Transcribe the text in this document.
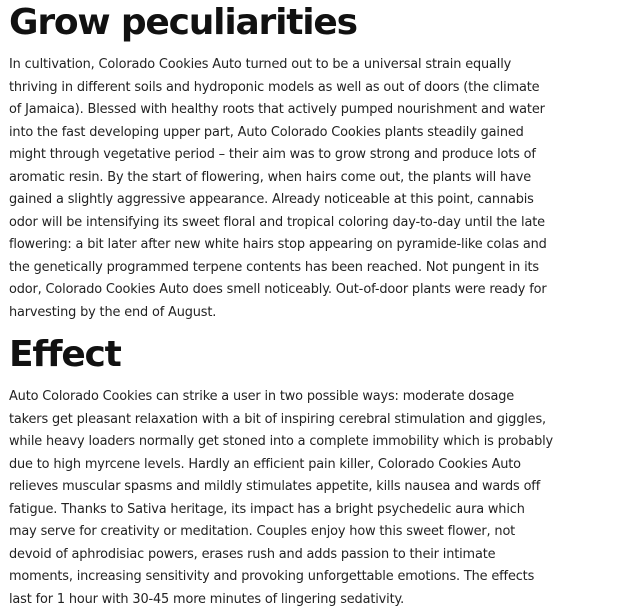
Grow peculiarities

In cultivation, Colorado Cookies Auto turned out to be a universal strain equally thriving in different soils and hydroponic models as well as out of doors (the climate of Jamaica). Blessed with healthy roots that actively pumped nourishment and water into the fast developing upper part, Auto Colorado Cookies plants steadily gained might through vegetative period – their aim was to grow strong and produce lots of aromatic resin. By the start of flowering, when hairs come out, the plants will have gained a slightly aggressive appearance. Already noticeable at this point, cannabis odor will be intensifying its sweet floral and tropical coloring day-to-day until the late flowering: a bit later after new white hairs stop appearing on pyramide-like colas and the genetically programmed terpene contents has been reached. Not pungent in its odor, Colorado Cookies Auto does smell noticeably. Out-of-door plants were ready for harvesting by the end of August.

Effect

Auto Colorado Cookies can strike a user in two possible ways: moderate dosage takers get pleasant relaxation with a bit of inspiring cerebral stimulation and giggles, while heavy loaders normally get stoned into a complete immobility which is probably due to high myrcene levels. Hardly an efficient pain killer, Colorado Cookies Auto relieves muscular spasms and mildly stimulates appetite, kills nausea and wards off fatigue. Thanks to Sativa heritage, its impact has a bright psychedelic aura which may serve for creativity or meditation. Couples enjoy how this sweet flower, not devoid of aphrodisiac powers, erases rush and adds passion to their intimate moments, increasing sensitivity and provoking unforgettable emotions. The effects last for 1 hour with 30-45 more minutes of lingering sedativity.
